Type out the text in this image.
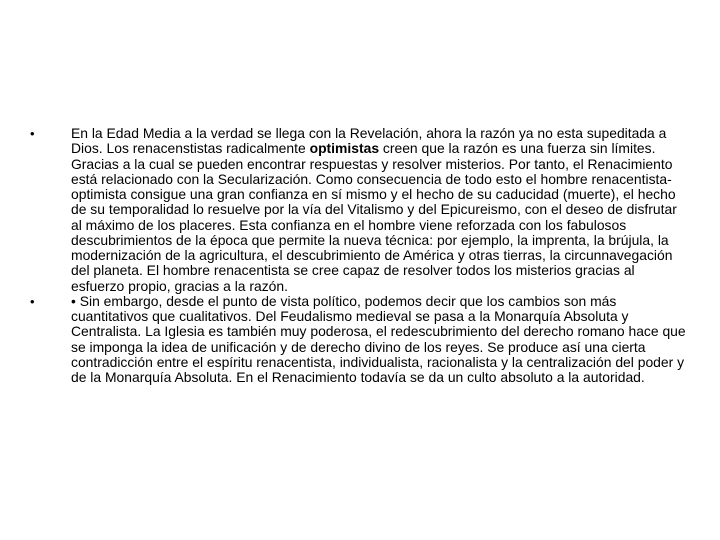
•	En la Edad Media a la verdad se llega con la Revelación, ahora la razón ya no esta supeditada a Dios. Los renacenstistas radicalmente optimistas creen que la razón es una fuerza sin límites. Gracias a la cual se pueden encontrar respuestas y resolver misterios. Por tanto, el Renacimiento está relacionado con la Secularización. Como consecuencia de todo esto el hombre renacentista-optimista consigue una gran confianza en sí mismo y el hecho de su caducidad (muerte), el hecho de su temporalidad lo resuelve por la vía del Vitalismo y del Epicureismo, con el deseo de disfrutar al máximo de los placeres. Esta confianza en el hombre viene reforzada con los fabulosos descubrimientos de la época que permite la nueva técnica: por ejemplo, la imprenta, la brújula, la modernización de la agricultura, el descubrimiento de América y otras tierras, la circunnavegación del planeta. El hombre renacentista se cree capaz de resolver todos los misterios gracias al esfuerzo propio, gracias a la razón.
•	• Sin embargo, desde el punto de vista político, podemos decir que los cambios son más cuantitativos que cualitativos. Del Feudalismo medieval se pasa a la Monarquía Absoluta y Centralista. La Iglesia es también muy poderosa, el redescubrimiento del derecho romano hace que se imponga la idea de unificación y de derecho divino de los reyes. Se produce así una cierta contradicción entre el espíritu renacentista, individualista, racionalista y la centralización del poder y de la Monarquía Absoluta. En el Renacimiento todavía se da un culto absoluto a la autoridad.
